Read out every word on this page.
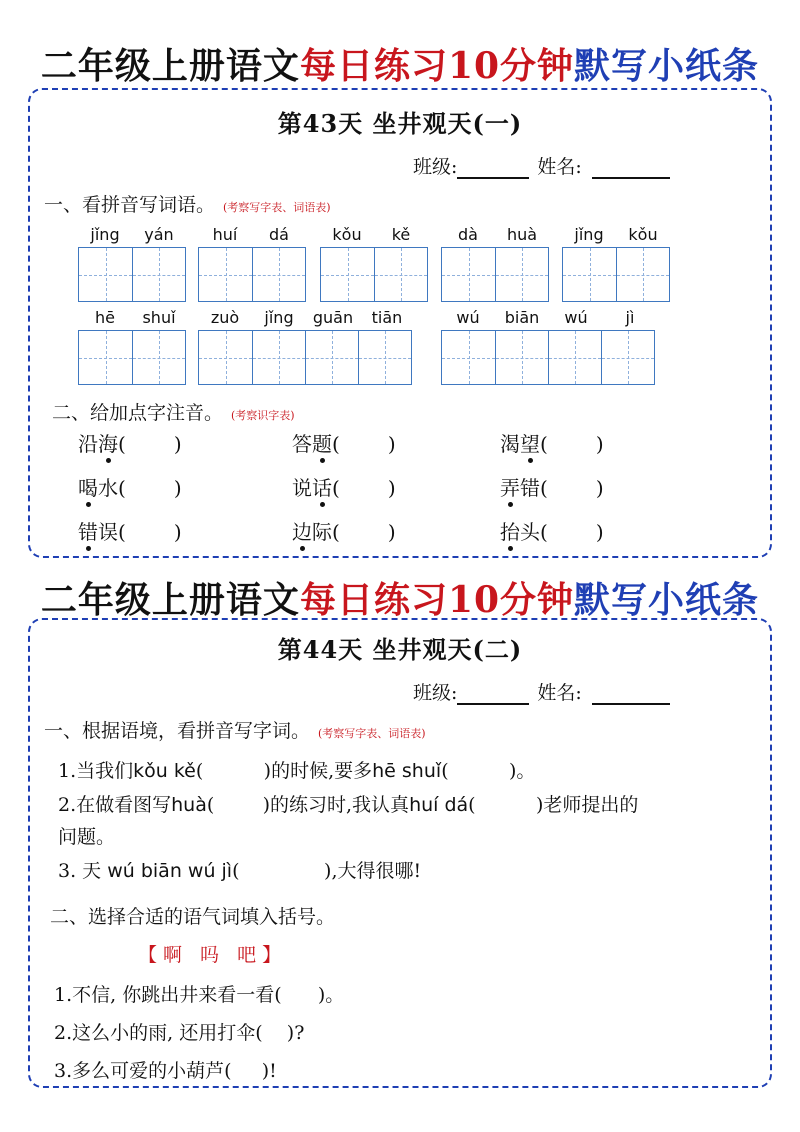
二年级上册语文每日练习10分钟默写小纸条
第43天 坐井观天(一)
班级:	姓名:
一、看拼音写词语。 (考察写字表、词语表)
jǐng	yán	huí	dá	kǒu	kě	dà	huà	jǐng	kǒu
hē	shuǐ	zuò	jǐng	guān	tiān	wú	biān	wú	jì
二、给加点字注音。 (考察识字表)
沿海( )	答题( )	渴望( )
喝水( )	说话( )	弄错( )
错误( )	边际( )	抬头( )
二年级上册语文每日练习10分钟默写小纸条
第44天 坐井观天(二)
班级:	姓名:
一、根据语境，看拼音写字词。 (考察写字表、词语表)
1.当我们kǒu kě(          )的时候,要多hē shuǐ(          )。
2.在做看图写huà(        )的练习时,我认真huí dá(          )老师提出的
问题。
3. 天 wú biān wú jì(              ),大得很哪!
二、选择合适的语气词填入括号。
【啊 吗 吧】
1.不信, 你跳出井来看一看(      )。
2.这么小的雨, 还用打伞(    )?
3.多么可爱的小葫芦(     )!
